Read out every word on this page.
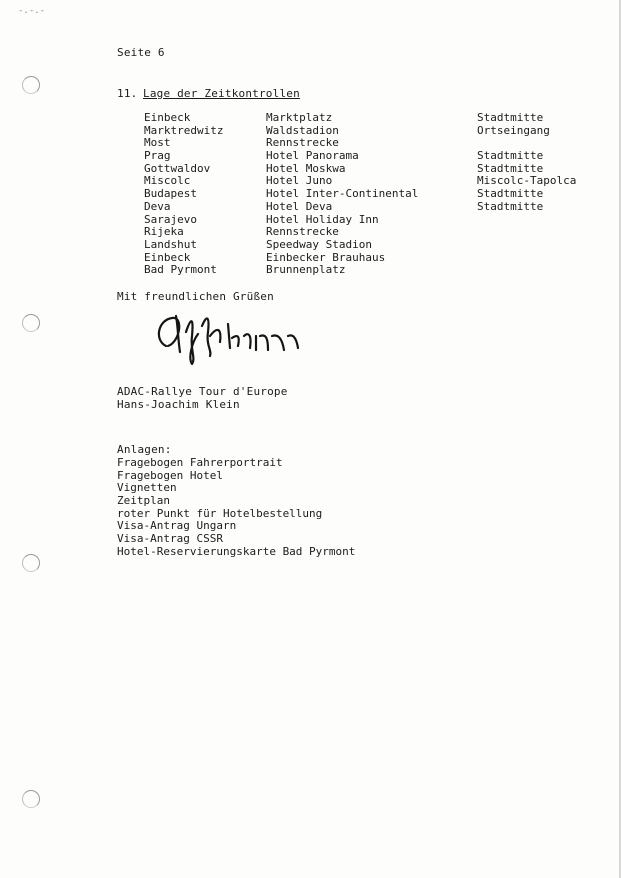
-.-.-
Seite 6
11. Lage der Zeitkontrollen
Einbeck
Marktredwitz
Most
Prag
Gottwaldov
Miscolc
Budapest
Deva
Sarajevo
Rijeka
Landshut
Einbeck
Bad Pyrmont
Marktplatz
Waldstadion
Rennstrecke
Hotel Panorama
Hotel Moskwa
Hotel Juno
Hotel Inter-Continental
Hotel Deva
Hotel Holiday Inn
Rennstrecke
Speedway Stadion
Einbecker Brauhaus
Brunnenplatz
Stadtmitte
Ortseingang
Stadtmitte
Stadtmitte
Miscolc-Tapolca
Stadtmitte
Stadtmitte
Mit freundlichen Grüßen
ADAC-Rallye Tour d'Europe
Hans-Joachim Klein
Anlagen:
Fragebogen Fahrerportrait
Fragebogen Hotel
Vignetten
Zeitplan
roter Punkt für Hotelbestellung
Visa-Antrag Ungarn
Visa-Antrag CSSR
Hotel-Reservierungskarte Bad Pyrmont
